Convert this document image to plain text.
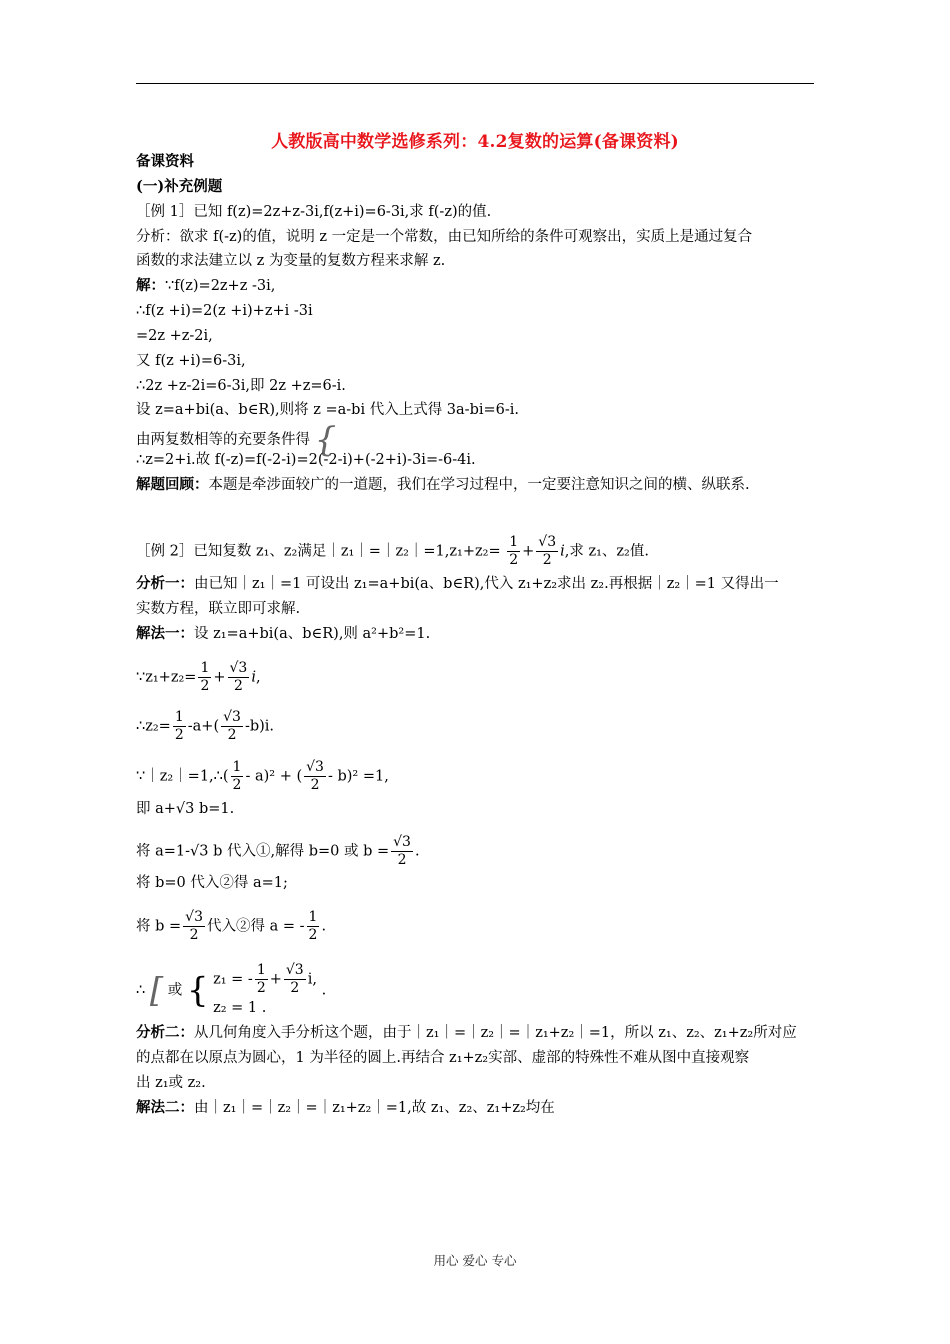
人教版高中数学选修系列：4.2复数的运算(备课资料)
备课资料
(一)补充例题
［例 1］已知 f(z)=2z+z-3i,f(z+i)=6-3i,求 f(-z)的值.
分析：欲求 f(-z)的值，说明 z 一定是一个常数，由已知所给的条件可观察出，实质上是通过复合
函数的求法建立以 z 为变量的复数方程来求解 z.
解：∵f(z)=2z+z -3i,
∴f(z +i)=2(z +i)+z+i -3i
=2z +z-2i,
又 f(z +i)=6-3i,
∴2z +z-2i=6-3i,即 2z +z=6-i.
设 z=a+bi(a、b∈R),则将 z =a-bi 代入上式得 3a-bi=6-i.
由两复数相等的充要条件得 {
∴z=2+i.故 f(-z)=f(-2-i)=2(-2-i)+(-2+i)-3i=-6-4i.
解题回顾：本题是牵涉面较广的一道题，我们在学习过程中，一定要注意知识之间的横、纵联系.
［例 2］已知复数 z₁、z₂满足｜z₁｜=｜z₂｜=1,z₁+z₂= $\frac{1}{2} + \frac{√3}{2} i$,求 z₁、z₂值.
分析一：由已知｜z₁｜=1 可设出 z₁=a+bi(a、b∈R),代入 z₁+z₂求出 z₂.再根据｜z₂｜=1 又得出一
实数方程，联立即可求解.
解法一：设 z₁=a+bi(a、b∈R),则 a²+b²=1.
∵z₁+z₂= $\frac{1}{2} + \frac{√3}{2} i$,
∴z₂= $\frac{1}{2} -a+( \frac{√3}{2} -b)i$.
∵｜z₂｜=1,∴( $\frac{1}{2} - a)^2$ + ( $\frac{√3}{2} - b)^2 =1$,
即 a+√3 b=1.
将 a=1-√3 b 代入①,解得 b=0 或 $b = \frac{√3}{2}$ .
将 b=0 代入②得 a=1;
将 $b = \frac{√3}{2}$ 代入②得 a = - $\frac{1}{2}$ .
∴ [ 或 { z₁ = - $\frac{1}{2} + \frac{√3}{2} i$,
z₂ = 1 .
.
分析二：从几何角度入手分析这个题，由于｜z₁｜=｜z₂｜=｜z₁+z₂｜=1，所以 z₁、z₂、z₁+z₂所对应
的点都在以原点为圆心，1 为半径的圆上.再结合 z₁+z₂实部、虚部的特殊性不难从图中直接观察
出 z₁或 z₂.
解法二：由｜z₁｜=｜z₂｜=｜z₁+z₂｜=1,故 z₁、z₂、z₁+z₂均在
用心 爱心 专心
